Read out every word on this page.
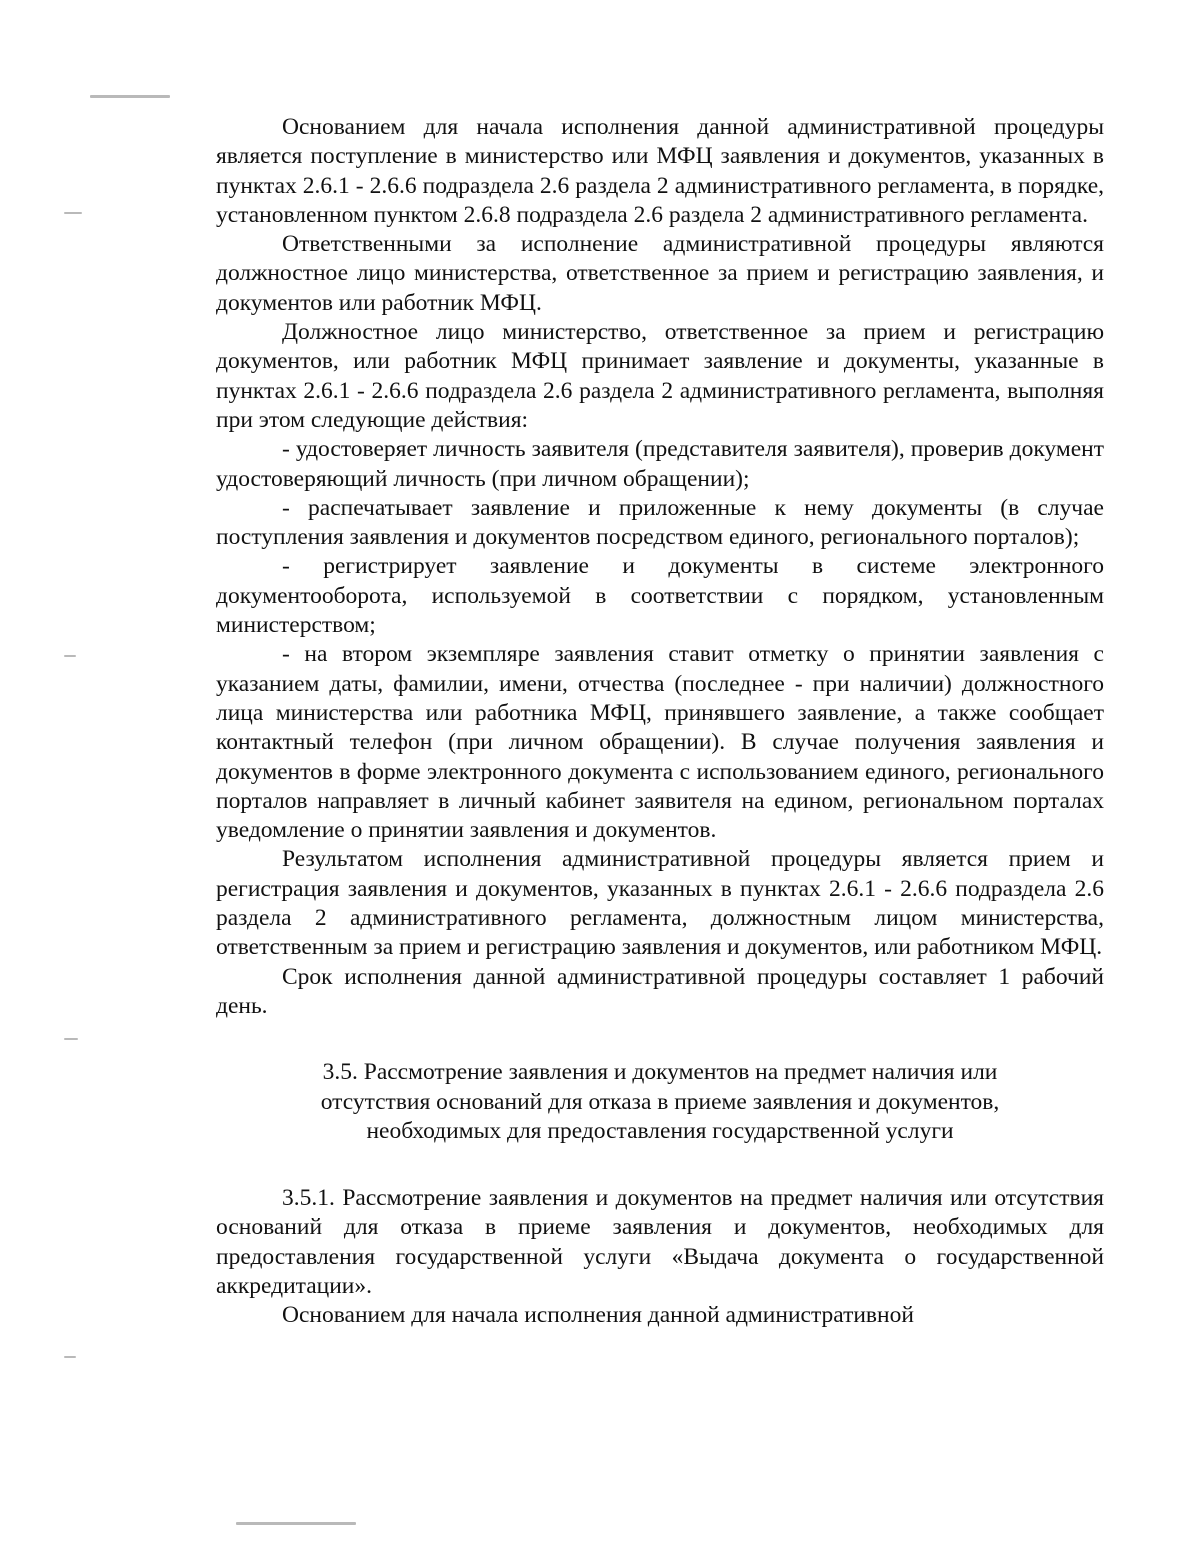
Основанием для начала исполнения данной административной процедуры является поступление в министерство или МФЦ заявления и документов, указанных в пунктах 2.6.1 - 2.6.6 подраздела 2.6 раздела 2 административного регламента, в порядке, установленном пунктом 2.6.8 подраздела 2.6 раздела 2 административного регламента.

Ответственными за исполнение административной процедуры являются должностное лицо министерства, ответственное за прием и регистрацию заявления, и документов или работник МФЦ.

Должностное лицо министерство, ответственное за прием и регистрацию документов, или работник МФЦ принимает заявление и документы, указанные в пунктах 2.6.1 - 2.6.6 подраздела 2.6 раздела 2 административного регламента, выполняя при этом следующие действия:

- удостоверяет личность заявителя (представителя заявителя), проверив документ удостоверяющий личность (при личном обращении);

- распечатывает заявление и приложенные к нему документы (в случае поступления заявления и документов посредством единого, регионального порталов);

- регистрирует заявление и документы в системе электронного документооборота, используемой в соответствии с порядком, установленным министерством;

- на втором экземпляре заявления ставит отметку о принятии заявления с указанием даты, фамилии, имени, отчества (последнее - при наличии) должностного лица министерства или работника МФЦ, принявшего заявление, а также сообщает контактный телефон (при личном обращении). В случае получения заявления и документов в форме электронного документа с использованием единого, регионального порталов направляет в личный кабинет заявителя на едином, региональном порталах уведомление о принятии заявления и документов.

Результатом исполнения административной процедуры является прием и регистрация заявления и документов, указанных в пунктах 2.6.1 - 2.6.6 подраздела 2.6 раздела 2 административного регламента, должностным лицом министерства, ответственным за прием и регистрацию заявления и документов, или работником МФЦ.

Срок исполнения данной административной процедуры составляет 1 рабочий день.

3.5. Рассмотрение заявления и документов на предмет наличия или
отсутствия оснований для отказа в приеме заявления и документов,
необходимых для предоставления государственной услуги

3.5.1. Рассмотрение заявления и документов на предмет наличия или отсутствия оснований для отказа в приеме заявления и документов, необходимых для предоставления государственной услуги «Выдача документа о государственной аккредитации».

Основанием для начала исполнения данной административной
